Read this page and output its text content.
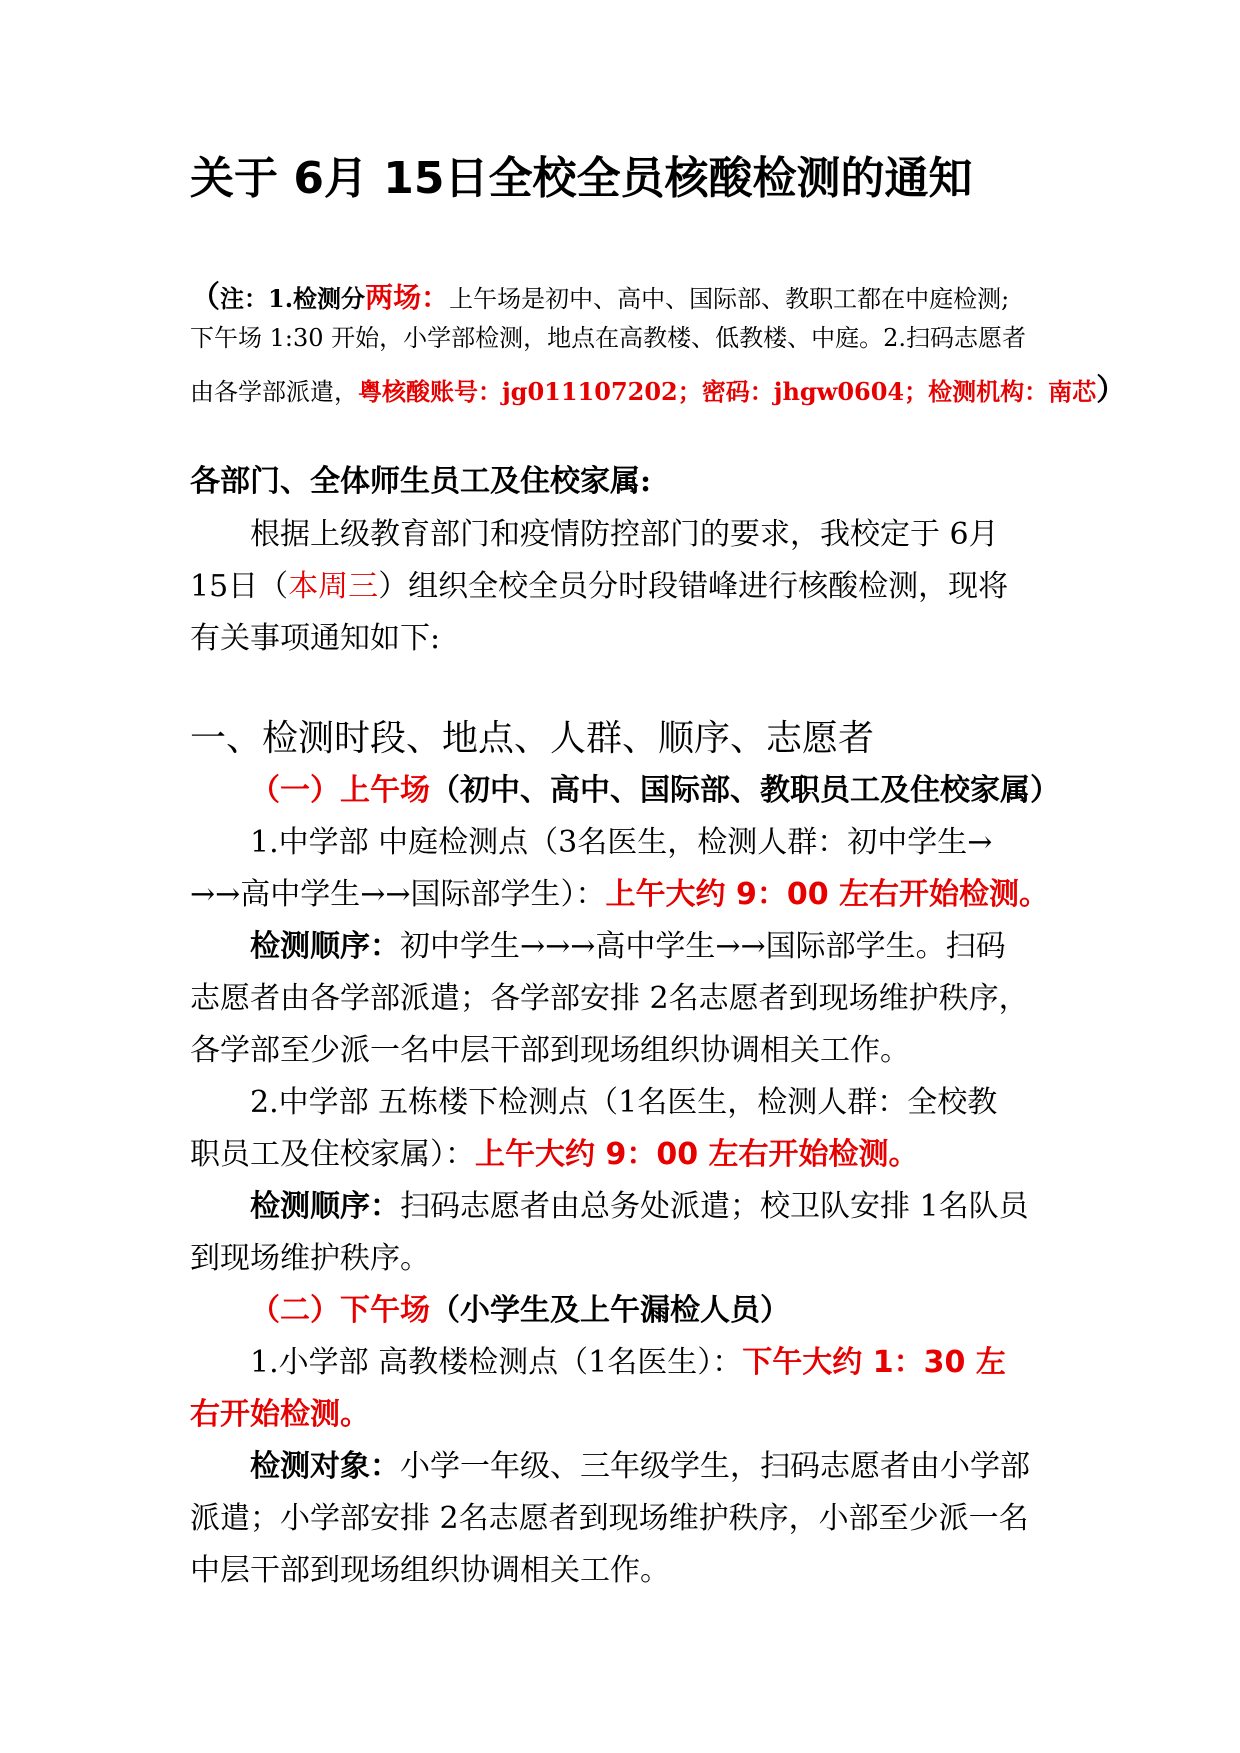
关于 6月 15日全校全员核酸检测的通知
（注：1.检测分两场：上午场是初中、高中、国际部、教职工都在中庭检测;
下午场 1:30 开始，小学部检测，地点在高教楼、低教楼、中庭。2.扫码志愿者
由各学部派遣，粤核酸账号：jg011107202；密码：jhgw0604；检测机构：南芯）
各部门、全体师生员工及住校家属:
根据上级教育部门和疫情防控部门的要求，我校定于 6月
15日（本周三）组织全校全员分时段错峰进行核酸检测，现将
有关事项通知如下:
一、检测时段、地点、人群、顺序、志愿者
（一）上午场（初中、高中、国际部、教职员工及住校家属）
1.中学部 中庭检测点（3名医生，检测人群：初中学生→
→→高中学生→→国际部学生）：上午大约 9：00 左右开始检测。
检测顺序：初中学生→→→高中学生→→国际部学生。扫码
志愿者由各学部派遣；各学部安排 2名志愿者到现场维护秩序，
各学部至少派一名中层干部到现场组织协调相关工作。
2.中学部 五栋楼下检测点（1名医生，检测人群：全校教
职员工及住校家属）：上午大约 9：00 左右开始检测。
检测顺序：扫码志愿者由总务处派遣；校卫队安排 1名队员
到现场维护秩序。
（二）下午场（小学生及上午漏检人员）
1.小学部 高教楼检测点（1名医生）：下午大约 1：30 左
右开始检测。
检测对象：小学一年级、三年级学生，扫码志愿者由小学部
派遣；小学部安排 2名志愿者到现场维护秩序，小部至少派一名
中层干部到现场组织协调相关工作。
